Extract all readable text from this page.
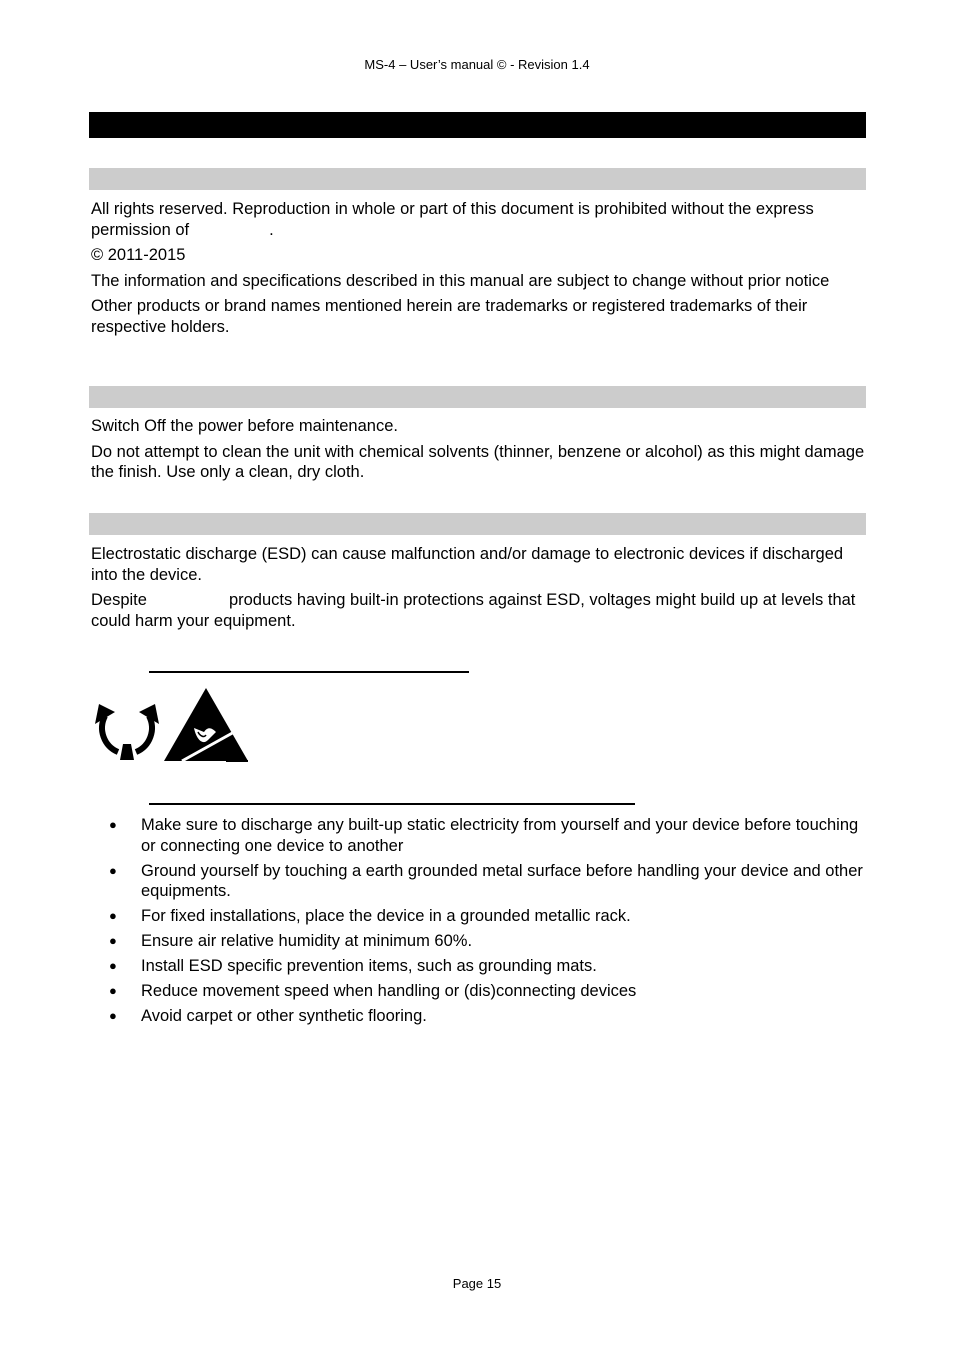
MS-4 – User’s manual © - Revision 1.4
All rights reserved. Reproduction in whole or part of this document is prohibited without the express permission of	.
© 2011-2015
The information and specifications described in this manual are subject to change without prior notice
Other products or brand names mentioned herein are trademarks or registered trademarks of their respective holders.
Switch Off the power before maintenance.
Do not attempt to clean the unit with chemical solvents (thinner, benzene or alcohol) as this might damage the finish. Use only a clean, dry cloth.
Electrostatic discharge (ESD) can cause malfunction and/or damage to electronic devices if discharged into the device.
Despite	products having built-in protections against ESD, voltages might build up at levels that could harm your equipment.
● Make sure to discharge any built-up static electricity from yourself and your device before touching or connecting one device to another
● Ground yourself by touching a earth grounded metal surface before handling your device and other equipments.
● For fixed installations, place the device in a grounded metallic rack.
● Ensure air relative humidity at minimum 60%.
● Install ESD specific prevention items, such as grounding mats.
● Reduce movement speed when handling or (dis)connecting devices
● Avoid carpet or other synthetic flooring.
Page 15
